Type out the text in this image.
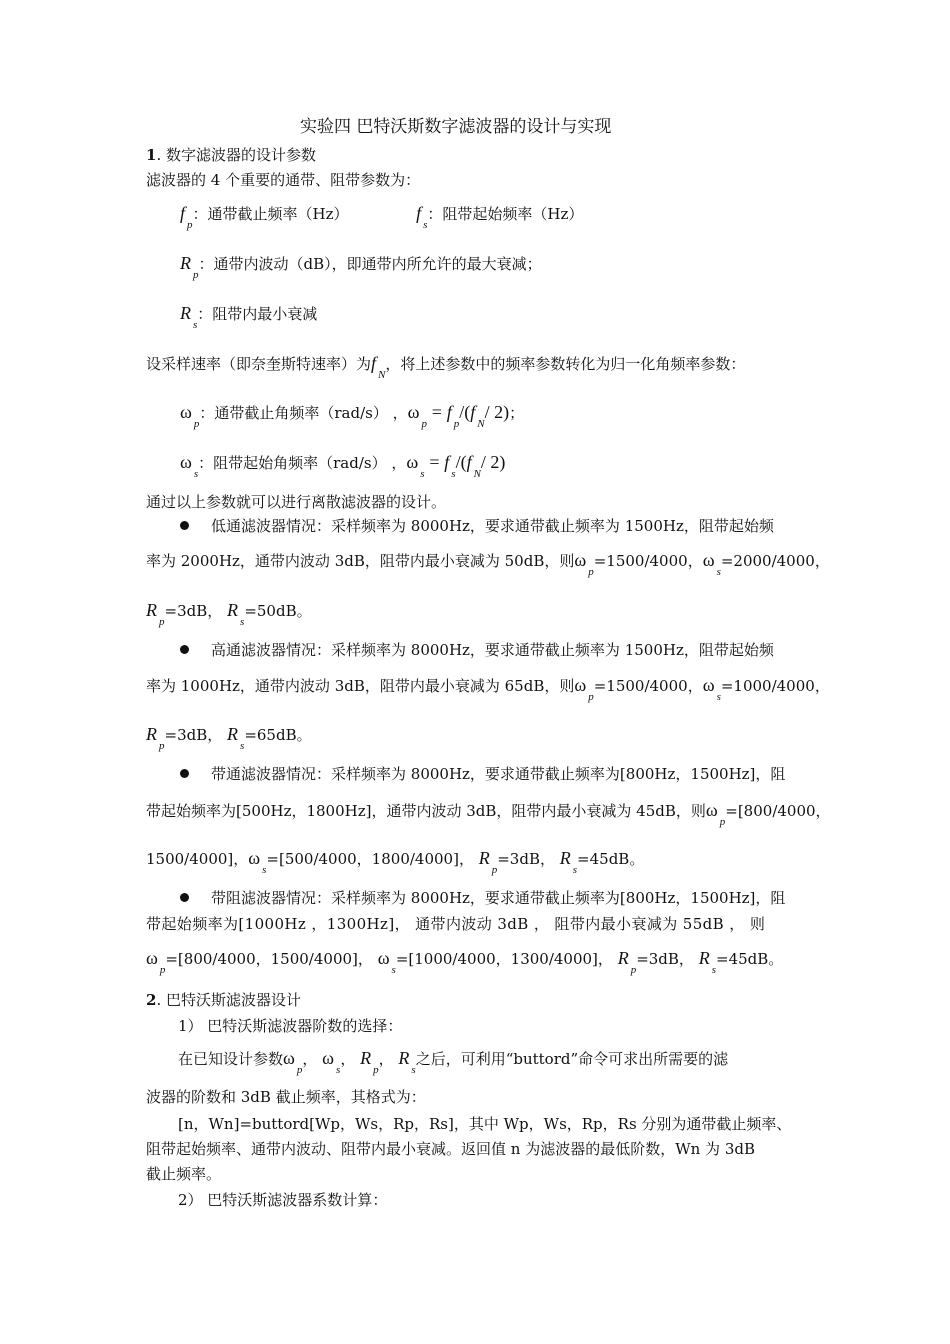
实验四 巴特沃斯数字滤波器的设计与实现
1. 数字滤波器的设计参数
滤波器的 4 个重要的通带、阻带参数为：
$f_p$：通带截止频率（Hz）	$f_s$：阻带起始频率（Hz）
$R_p$：通带内波动（dB），即通带内所允许的最大衰减；
$R_s$：阻带内最小衰减
设采样速率（即奈奎斯特速率）为$f_N$，将上述参数中的频率参数转化为归一化角频率参数：
$\omega_p$：通带截止角频率（rad/s） ，$\omega_p = f_p/(f_N/$ 2)；
$\omega_s$：阻带起始角频率（rad/s） ，$\omega_s = f_s/(f_N/$ 2)
通过以上参数就可以进行离散滤波器的设计。
低通滤波器情况：采样频率为 8000Hz，要求通带截止频率为 1500Hz，阻带起始频
率为 2000Hz，通带内波动 3dB，阻带内最小衰减为 50dB，则$\omega_p=1500/4000$，$\omega_s=2000/4000$，
$R_p=3dB$， $R_s=50dB$。
高通滤波器情况：采样频率为 8000Hz，要求通带截止频率为 1500Hz，阻带起始频
率为 1000Hz，通带内波动 3dB，阻带内最小衰减为 65dB，则$\omega_p=1500/4000$，$\omega_s=1000/4000$，
$R_p=3dB$， $R_s=65dB$。
带通滤波器情况：采样频率为 8000Hz，要求通带截止频率为[800Hz，1500Hz]，阻
带起始频率为[500Hz，1800Hz]，通带内波动 3dB，阻带内最小衰减为 45dB，则$\omega_p=[800/4000$，
1500/4000]，$\omega_s=[500/4000$，1800/4000]， $R_p=3dB$， $R_s=45dB$。
带阻滤波器情况：采样频率为 8000Hz，要求通带截止频率为[800Hz，1500Hz]，阻
带起始频率为[1000Hz ，1300Hz]， 通带内波动 3dB ， 阻带内最小衰减为 55dB ， 则
$\omega_p=[800/4000$，1500/4000]， $\omega_s=[1000/4000$，1300/4000]， $R_p=3dB$， $R_s=45dB$。
2. 巴特沃斯滤波器设计
1） 巴特沃斯滤波器阶数的选择：
在已知设计参数$\omega_p$， $\omega_s$， $R_p$， $R_s$之后，可利用“buttord”命令可求出所需要的滤
波器的阶数和 3dB 截止频率，其格式为：
[n，Wn]=buttord[Wp，Ws，Rp，Rs]，其中 Wp，Ws，Rp，Rs 分别为通带截止频率、
阻带起始频率、通带内波动、阻带内最小衰减。返回值 n 为滤波器的最低阶数，Wn 为 3dB
截止频率。
2） 巴特沃斯滤波器系数计算：
